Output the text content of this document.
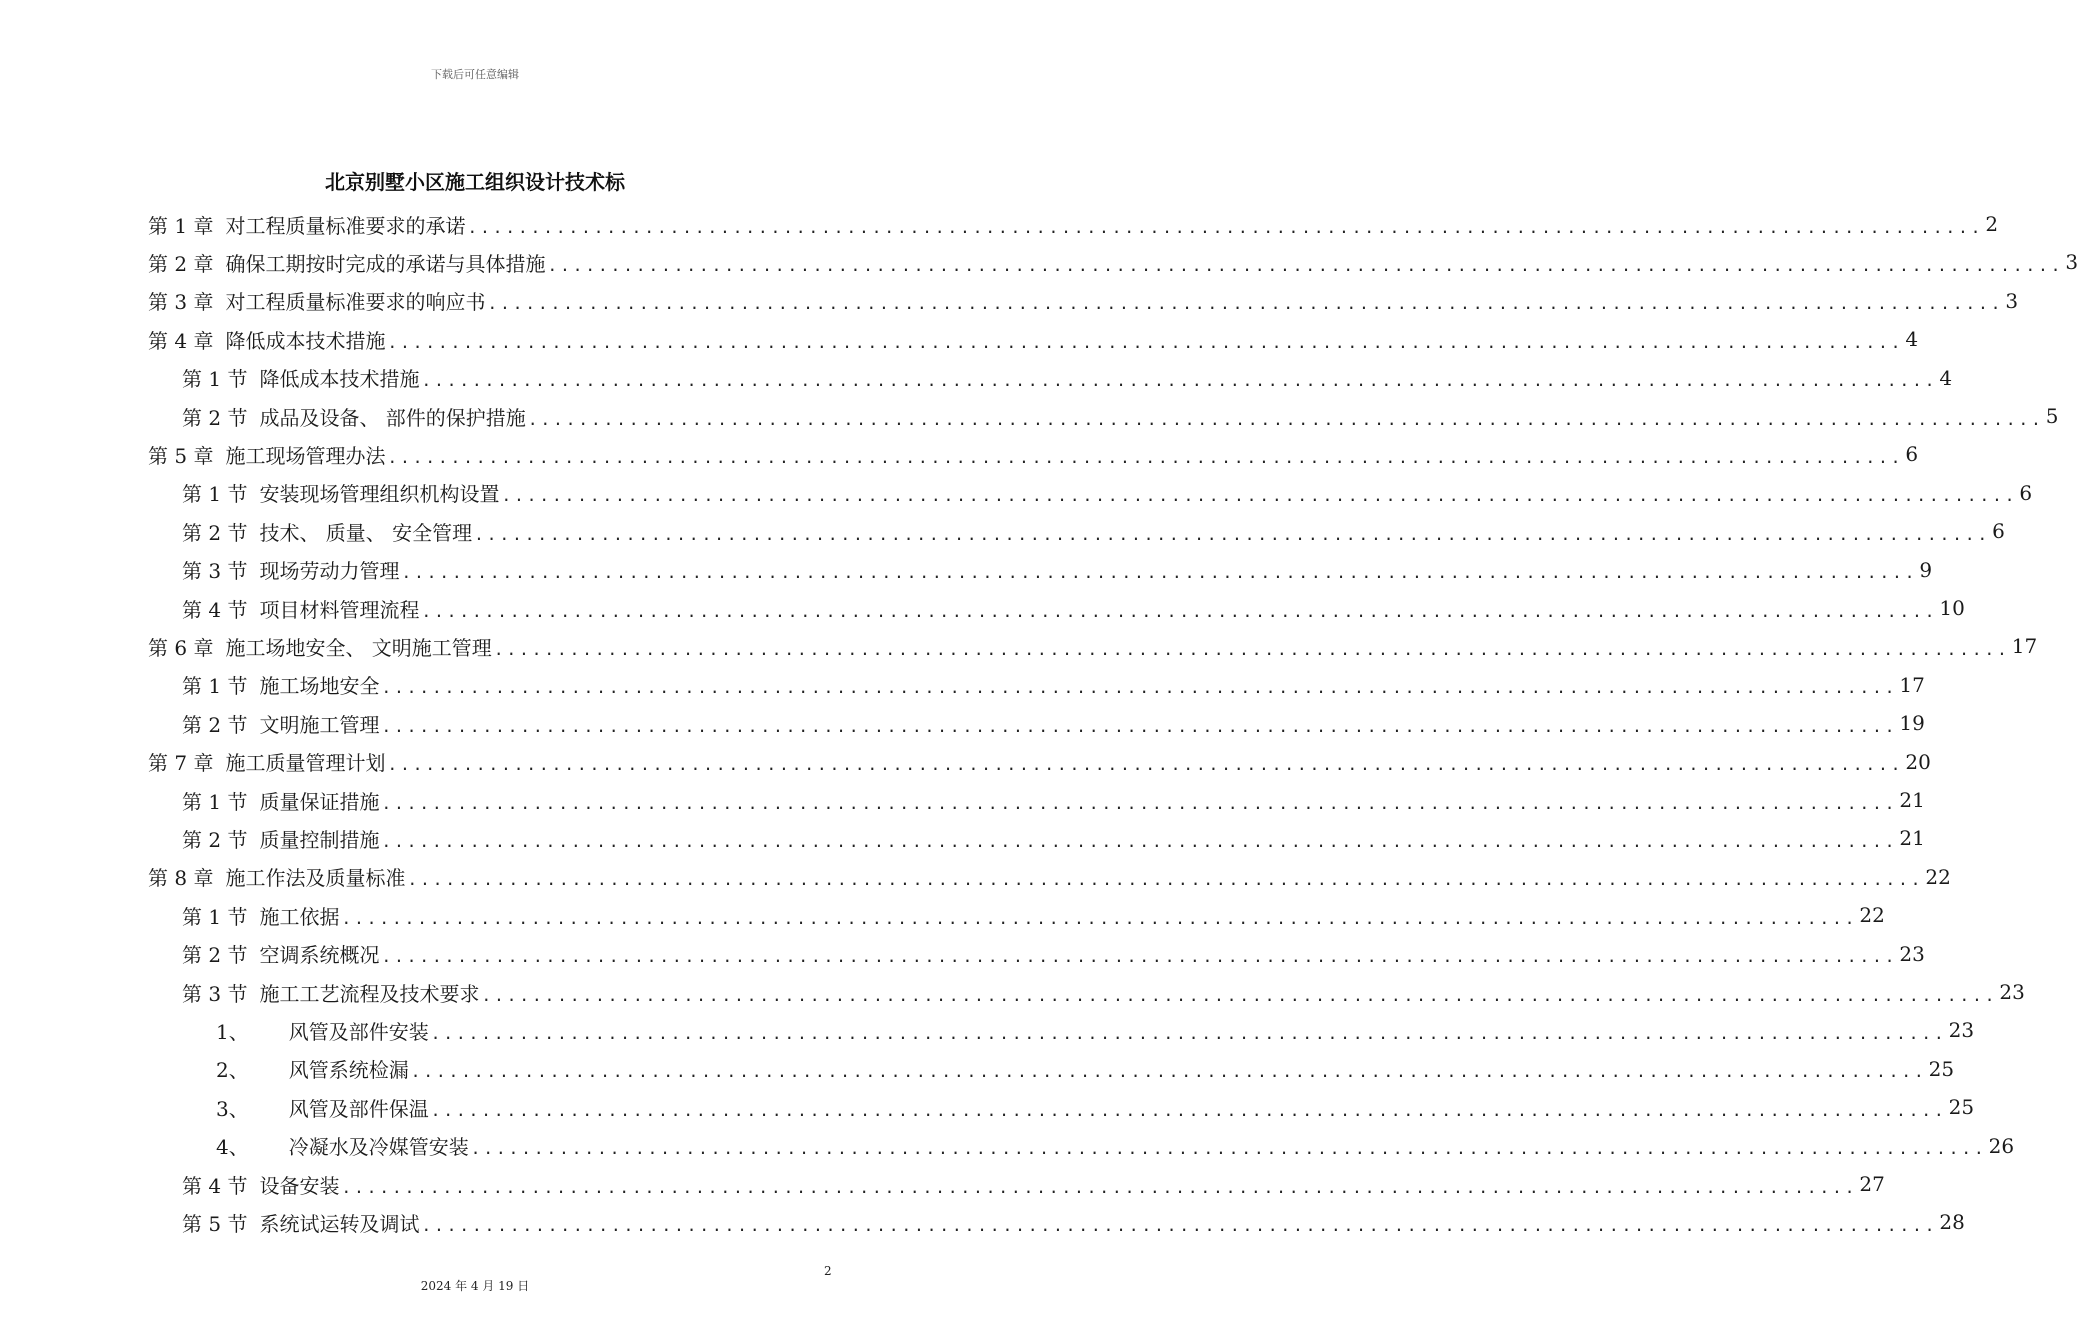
下载后可任意编辑
北京别墅小区施工组织设计技术标
第 1 章 对工程质量标准要求的承诺 ........................................................................................................................ 2
第 2 章 确保工期按时完成的承诺与具体措施 ........................................................................................................................ 3
第 3 章 对工程质量标准要求的响应书 ........................................................................................................................ 3
第 4 章 降低成本技术措施 ........................................................................................................................ 4
第 1 节 降低成本技术措施 ........................................................................................................................ 4
第 2 节 成品及设备、 部件的保护措施 ........................................................................................................................ 5
第 5 章 施工现场管理办法 ........................................................................................................................ 6
第 1 节 安装现场管理组织机构设置 ........................................................................................................................ 6
第 2 节 技术、 质量、 安全管理 ........................................................................................................................ 6
第 3 节 现场劳动力管理 ........................................................................................................................ 9
第 4 节 项目材料管理流程 ........................................................................................................................ 10
第 6 章 施工场地安全、 文明施工管理 ........................................................................................................................ 17
第 1 节 施工场地安全 ........................................................................................................................ 17
第 2 节 文明施工管理 ........................................................................................................................ 19
第 7 章 施工质量管理计划 ........................................................................................................................ 20
第 1 节 质量保证措施 ........................................................................................................................ 21
第 2 节 质量控制措施 ........................................................................................................................ 21
第 8 章 施工作法及质量标准 ........................................................................................................................ 22
第 1 节 施工依据 ........................................................................................................................ 22
第 2 节 空调系统概况 ........................................................................................................................ 23
第 3 节 施工工艺流程及技术要求 ........................................................................................................................ 23
1、 风管及部件安装 ........................................................................................................................ 23
2、 风管系统检漏 ........................................................................................................................ 25
3、 风管及部件保温 ........................................................................................................................ 25
4、 冷凝水及冷媒管安装 ........................................................................................................................ 26
第 4 节 设备安装 ........................................................................................................................ 27
第 5 节 系统试运转及调试 ........................................................................................................................ 28
2
2024 年 4 月 19 日
